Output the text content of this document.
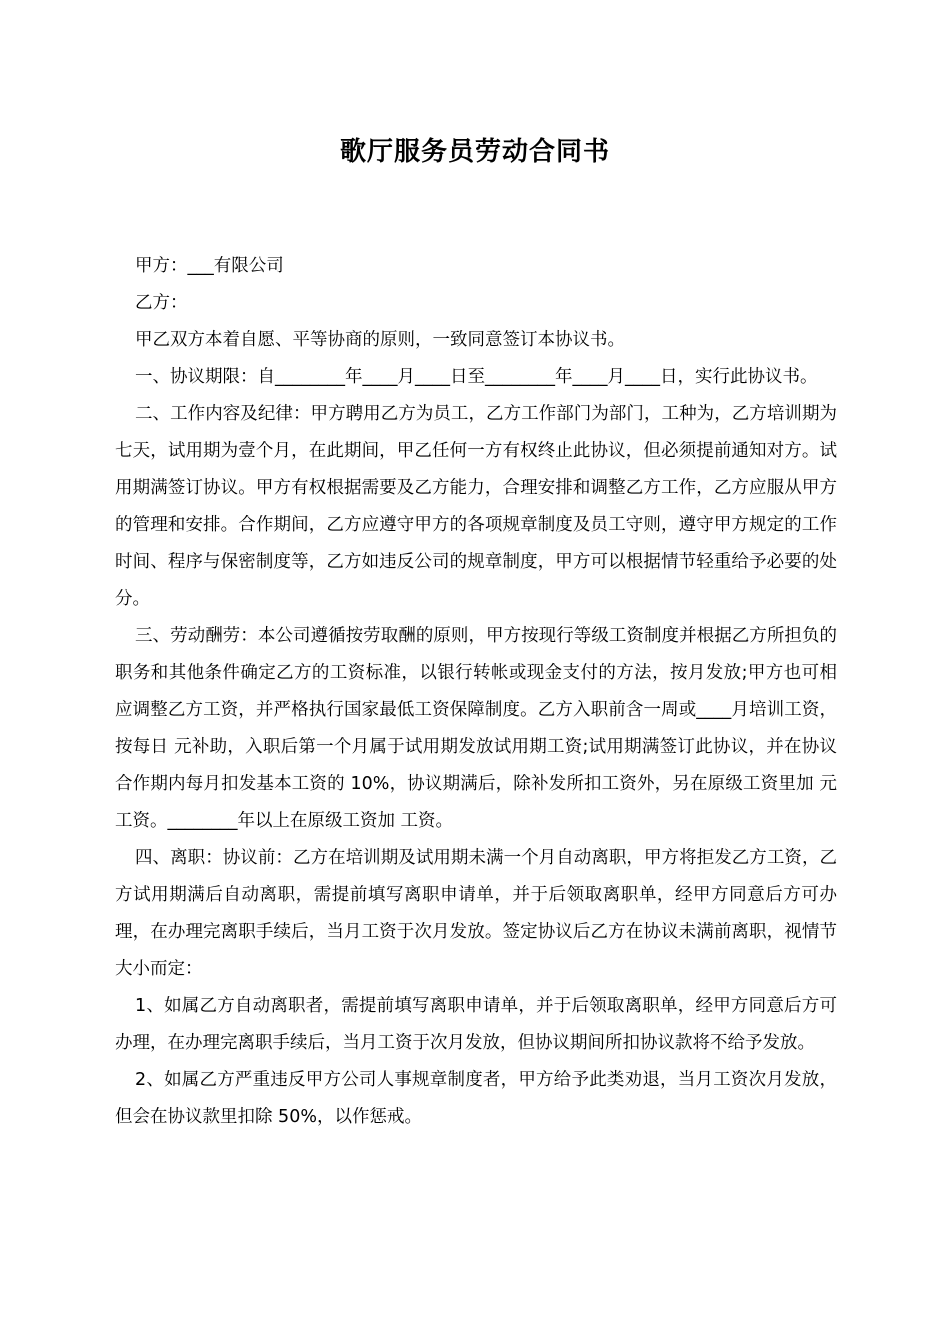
歌厅服务员劳动合同书

甲方：___有限公司

乙方：

甲乙双方本着自愿、平等协商的原则，一致同意签订本协议书。

一、协议期限：自________年____月____日至________年____月____日，实行此协议书。

二、工作内容及纪律：甲方聘用乙方为员工，乙方工作部门为部门，工种为，乙方培训期为七天，试用期为壹个月，在此期间，甲乙任何一方有权终止此协议，但必须提前通知对方。试用期满签订协议。甲方有权根据需要及乙方能力，合理安排和调整乙方工作，乙方应服从甲方的管理和安排。合作期间，乙方应遵守甲方的各项规章制度及员工守则，遵守甲方规定的工作时间、程序与保密制度等，乙方如违反公司的规章制度，甲方可以根据情节轻重给予必要的处分。

三、劳动酬劳：本公司遵循按劳取酬的原则，甲方按现行等级工资制度并根据乙方所担负的职务和其他条件确定乙方的工资标准，以银行转帐或现金支付的方法，按月发放;甲方也可相应调整乙方工资，并严格执行国家最低工资保障制度。乙方入职前含一周或____月培训工资，按每日 元补助，入职后第一个月属于试用期发放试用期工资;试用期满签订此协议，并在协议合作期内每月扣发基本工资的 10%，协议期满后，除补发所扣工资外，另在原级工资里加 元工资。________年以上在原级工资加 工资。

四、离职：协议前：乙方在培训期及试用期未满一个月自动离职，甲方将拒发乙方工资，乙方试用期满后自动离职，需提前填写离职申请单，并于后领取离职单，经甲方同意后方可办理，在办理完离职手续后，当月工资于次月发放。签定协议后乙方在协议未满前离职，视情节大小而定：

1、如属乙方自动离职者，需提前填写离职申请单，并于后领取离职单，经甲方同意后方可办理，在办理完离职手续后，当月工资于次月发放，但协议期间所扣协议款将不给予发放。

2、如属乙方严重违反甲方公司人事规章制度者，甲方给予此类劝退，当月工资次月发放，但会在协议款里扣除 50%，以作惩戒。
